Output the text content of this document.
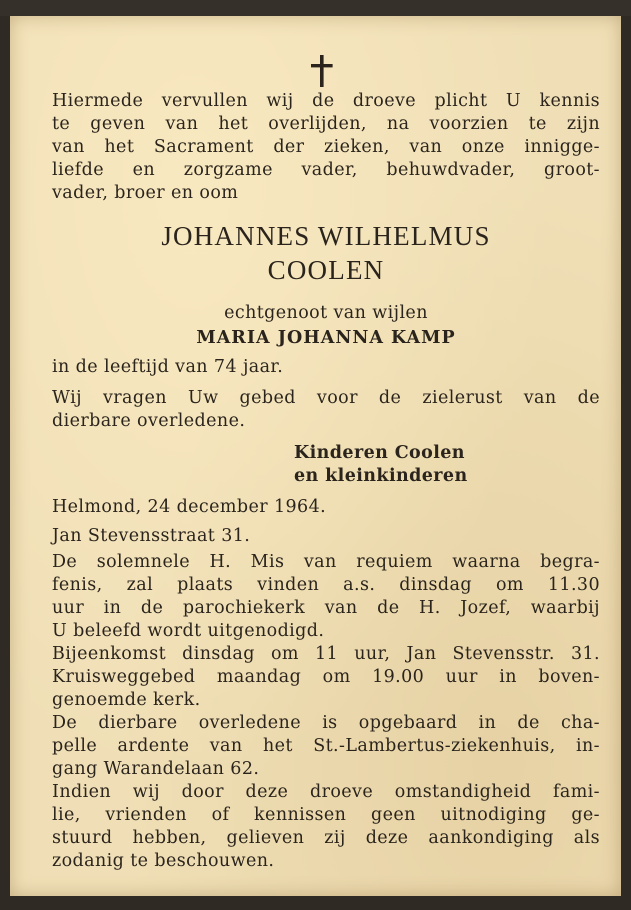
Hiermede vervullen wij de droeve plicht U kennis
te geven van het overlijden, na voorzien te zijn
van het Sacrament der zieken, van onze innigge-
liefde en zorgzame vader, behuwdvader, groot-
vader, broer en oom
JOHANNES WILHELMUS
COOLEN
echtgenoot van wijlen
MARIA JOHANNA KAMP
in de leeftijd van 74 jaar.
Wij vragen Uw gebed voor de zielerust van de
dierbare overledene.
Kinderen Coolen
en kleinkinderen
Helmond, 24 december 1964.
Jan Stevensstraat 31.
De solemnele H. Mis van requiem waarna begra-
fenis, zal plaats vinden a.s. dinsdag om 11.30
uur in de parochiekerk van de H. Jozef, waarbij
U beleefd wordt uitgenodigd.
Bijeenkomst dinsdag om 11 uur, Jan Stevensstr. 31.
Kruisweggebed maandag om 19.00 uur in boven-
genoemde kerk.
De dierbare overledene is opgebaard in de cha-
pelle ardente van het St.-Lambertus-ziekenhuis, in-
gang Warandelaan 62.
Indien wij door deze droeve omstandigheid fami-
lie, vrienden of kennissen geen uitnodiging ge-
stuurd hebben, gelieven zij deze aankondiging als
zodanig te beschouwen.
